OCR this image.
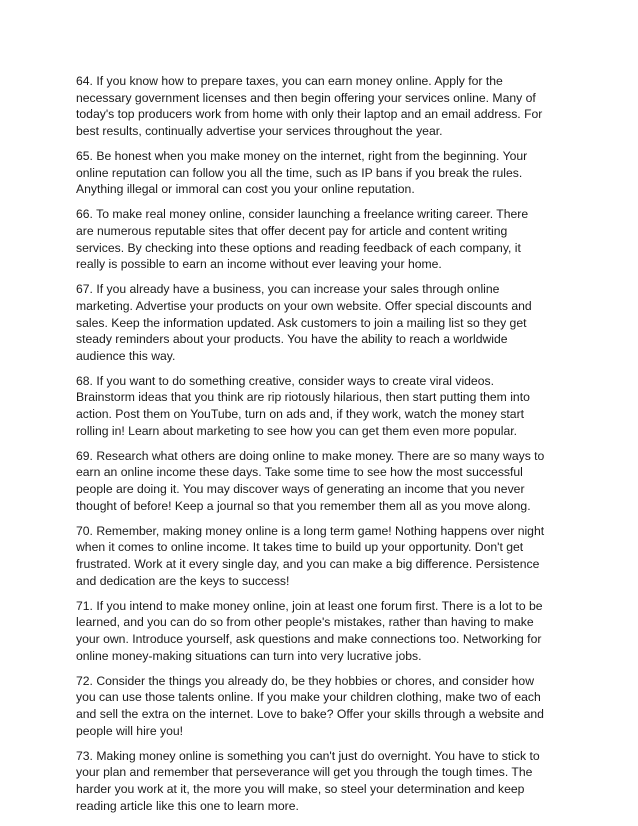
64. If you know how to prepare taxes, you can earn money online. Apply for the
necessary government licenses and then begin offering your services online. Many of
today's top producers work from home with only their laptop and an email address. For
best results, continually advertise your services throughout the year.

65. Be honest when you make money on the internet, right from the beginning. Your
online reputation can follow you all the time, such as IP bans if you break the rules.
Anything illegal or immoral can cost you your online reputation.

66. To make real money online, consider launching a freelance writing career. There
are numerous reputable sites that offer decent pay for article and content writing
services. By checking into these options and reading feedback of each company, it
really is possible to earn an income without ever leaving your home.

67. If you already have a business, you can increase your sales through online
marketing. Advertise your products on your own website. Offer special discounts and
sales. Keep the information updated. Ask customers to join a mailing list so they get
steady reminders about your products. You have the ability to reach a worldwide
audience this way.

68. If you want to do something creative, consider ways to create viral videos.
Brainstorm ideas that you think are rip riotously hilarious, then start putting them into
action. Post them on YouTube, turn on ads and, if they work, watch the money start
rolling in! Learn about marketing to see how you can get them even more popular.

69. Research what others are doing online to make money. There are so many ways to
earn an online income these days. Take some time to see how the most successful
people are doing it. You may discover ways of generating an income that you never
thought of before! Keep a journal so that you remember them all as you move along.

70. Remember, making money online is a long term game! Nothing happens over night
when it comes to online income. It takes time to build up your opportunity. Don't get
frustrated. Work at it every single day, and you can make a big difference. Persistence
and dedication are the keys to success!

71. If you intend to make money online, join at least one forum first. There is a lot to be
learned, and you can do so from other people's mistakes, rather than having to make
your own. Introduce yourself, ask questions and make connections too. Networking for
online money-making situations can turn into very lucrative jobs.

72. Consider the things you already do, be they hobbies or chores, and consider how
you can use those talents online. If you make your children clothing, make two of each
and sell the extra on the internet. Love to bake? Offer your skills through a website and
people will hire you!

73. Making money online is something you can't just do overnight. You have to stick to
your plan and remember that perseverance will get you through the tough times. The
harder you work at it, the more you will make, so steel your determination and keep
reading article like this one to learn more.
